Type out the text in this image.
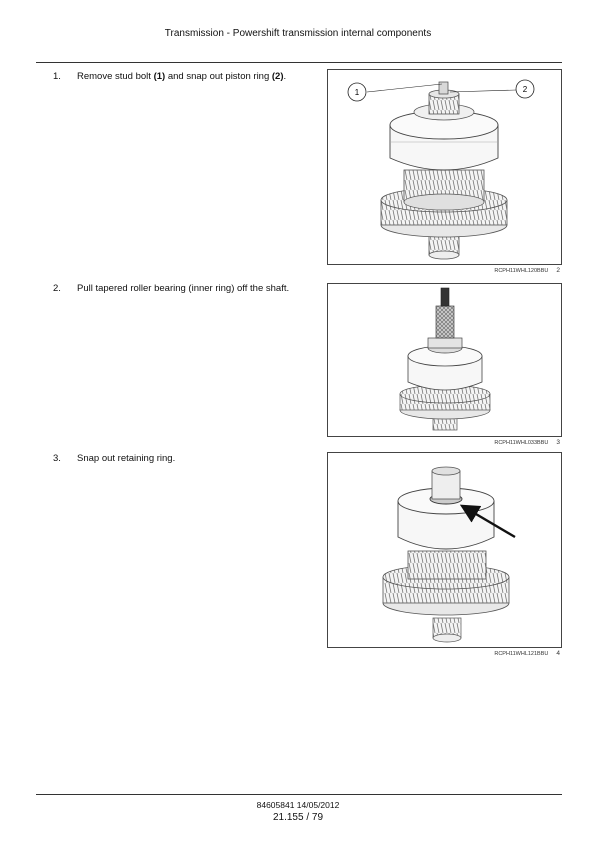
Transmission - Powershift transmission internal components
1. Remove stud bolt (1) and snap out piston ring (2).
1	2
RCPH11WHL120BBU 2
2. Pull tapered roller bearing (inner ring) off the shaft.
RCPH11WHL033BBU 3
3. Snap out retaining ring.
RCPH11WHL121BBU 4
84605841 14/05/2012
21.155 / 79
